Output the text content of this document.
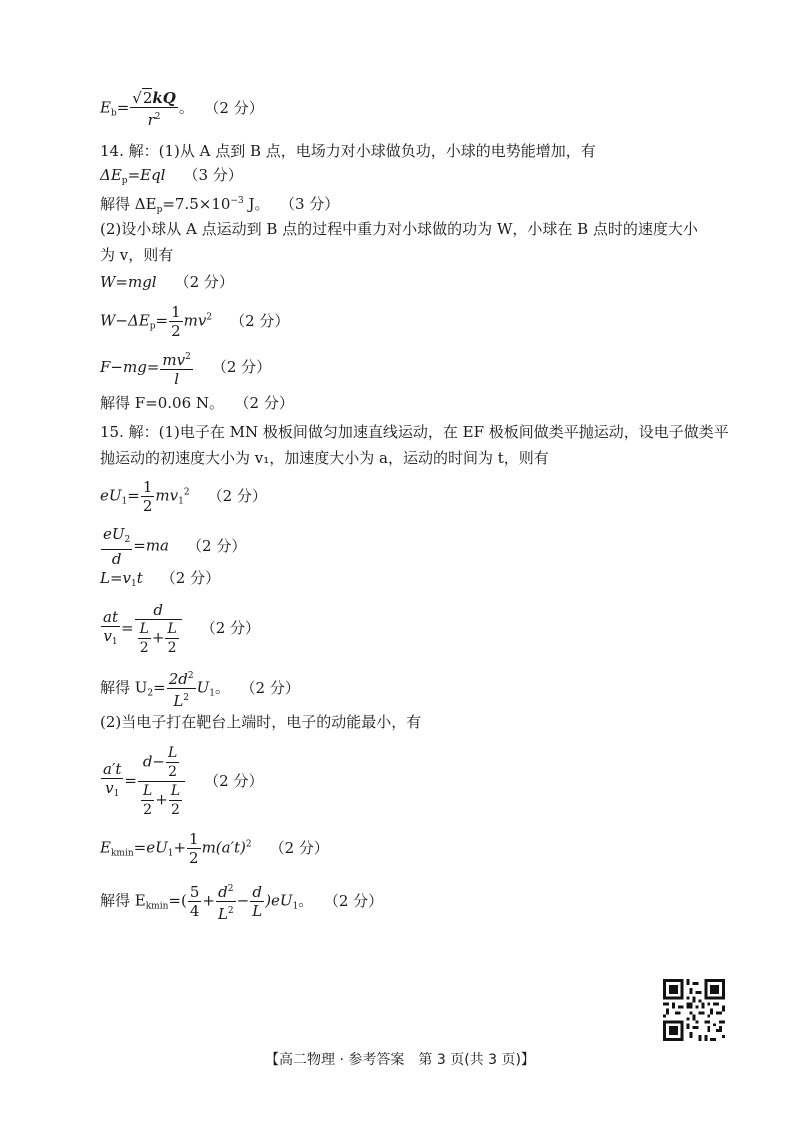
$E_b= \frac{√2kQ}{r^2}$ 。 （2 分）
14. 解：(1)从 A 点到 B 点，电场力对小球做负功，小球的电势能增加，有
$\Delta E_p=Eql$ （3 分）
解得 $\Delta E_p=7.5\times 10^{-3}$ J。 （3 分）
(2)设小球从 A 点运动到 B 点的过程中重力对小球做的功为 W，小球在 B 点时的速度大小
为 v，则有
W=mgl （2 分）
$W-\Delta E_p= \frac{1}{2} mv^2$ （2 分）
$F-mg= \frac{mv^2}{l} (2$ 分）
解得 F=0.06 N。 （2 分）
15. 解：(1)电子在 MN 极板间做匀加速直线运动，在 EF 极板间做类平抛运动，设电子做类平
抛运动的初速度大小为 v₁，加速度大小为 a，运动的时间为 t，则有
$eU_1= \frac{1}{2} mv_1^2$ （2 分）
$\frac{eU_2}{d} =ma$ （2 分）
$L=v_1t$ （2 分）
$\frac{at}{v_1} = \frac{d}{\frac{L}{2} + \frac{L}{2}} (2$ 分）
解得 $U_2= \frac{2d^2}{L^2} U_1$。 （2 分）
(2)当电子打在靶台上端时，电子的动能最小，有
$\frac{a't}{v_1} = \frac{d- \frac{L}{2}}{\frac{L}{2} + \frac{L}{2}} (2$ 分）
$E_{kmin}=eU_1+ \frac{1}{2} m(a't)^2$ （2 分）
解得 $E_{kmin}=( \frac{5}{4} + \frac{d^2}{L^2} - \frac{d}{L} )eU_1$。 （2 分）
【高二物理 · 参考答案　第 3 页(共 3 页)】
